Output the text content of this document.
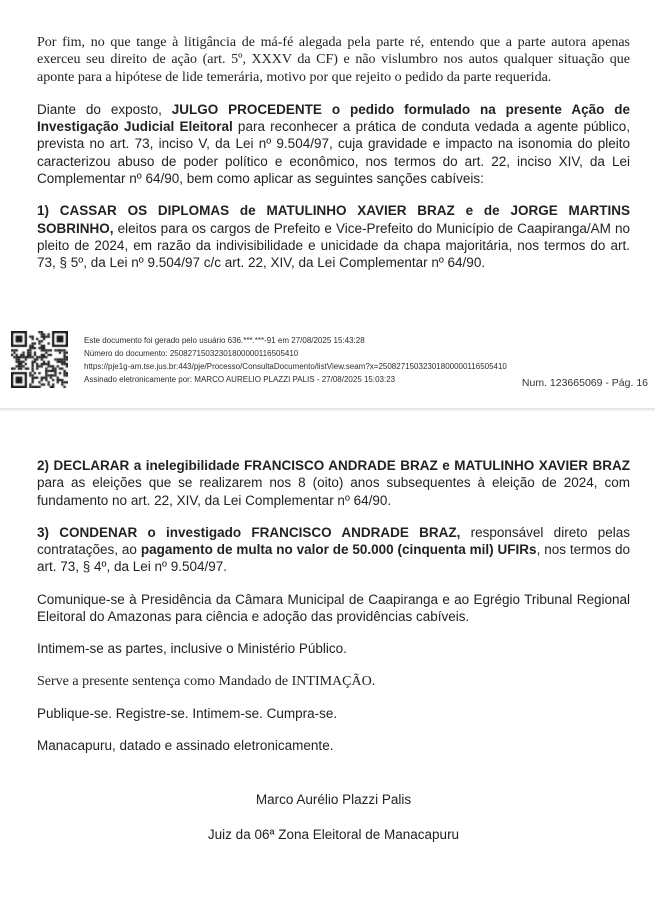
Por fim, no que tange à litigância de má-fé alegada pela parte ré, entendo que a parte autora apenas exerceu seu direito de ação (art. 5º, XXXV da CF) e não vislumbro nos autos qualquer situação que aponte para a hipótese de lide temerária, motivo por que rejeito o pedido da parte requerida.

Diante do exposto, JULGO PROCEDENTE o pedido formulado na presente Ação de Investigação Judicial Eleitoral para reconhecer a prática de conduta vedada a agente público, prevista no art. 73, inciso V, da Lei nº 9.504/97, cuja gravidade e impacto na isonomia do pleito caracterizou abuso de poder político e econômico, nos termos do art. 22, inciso XIV, da Lei Complementar nº 64/90, bem como aplicar as seguintes sanções cabíveis:

1) CASSAR OS DIPLOMAS de MATULINHO XAVIER BRAZ e de JORGE MARTINS SOBRINHO, eleitos para os cargos de Prefeito e Vice-Prefeito do Município de Caapiranga/AM no pleito de 2024, em razão da indivisibilidade e unicidade da chapa majoritária, nos termos do art. 73, § 5º, da Lei nº 9.504/97 c/c art. 22, XIV, da Lei Complementar nº 64/90.

Este documento foi gerado pelo usuário 636.***.***-91 em 27/08/2025 15:43:28
Número do documento: 25082715032301800000116505410
https://pje1g-am.tse.jus.br:443/pje/Processo/ConsultaDocumento/listView.seam?x=25082715032301800000116505410
Assinado eletronicamente por: MARCO AURELIO PLAZZI PALIS - 27/08/2025 15:03:23	Num. 123665069 - Pág. 16

2) DECLARAR a inelegibilidade FRANCISCO ANDRADE BRAZ e MATULINHO XAVIER BRAZ para as eleições que se realizarem nos 8 (oito) anos subsequentes à eleição de 2024, com fundamento no art. 22, XIV, da Lei Complementar nº 64/90.

3) CONDENAR o investigado FRANCISCO ANDRADE BRAZ, responsável direto pelas contratações, ao pagamento de multa no valor de 50.000 (cinquenta mil) UFIRs, nos termos do art. 73, § 4º, da Lei nº 9.504/97.

Comunique-se à Presidência da Câmara Municipal de Caapiranga e ao Egrégio Tribunal Regional Eleitoral do Amazonas para ciência e adoção das providências cabíveis.

Intimem-se as partes, inclusive o Ministério Público.

Serve a presente sentença como Mandado de INTIMAÇÃO.

Publique-se. Registre-se. Intimem-se. Cumpra-se.

Manacapuru, datado e assinado eletronicamente.

Marco Aurélio Plazzi Palis
Juiz da 06ª Zona Eleitoral de Manacapuru
